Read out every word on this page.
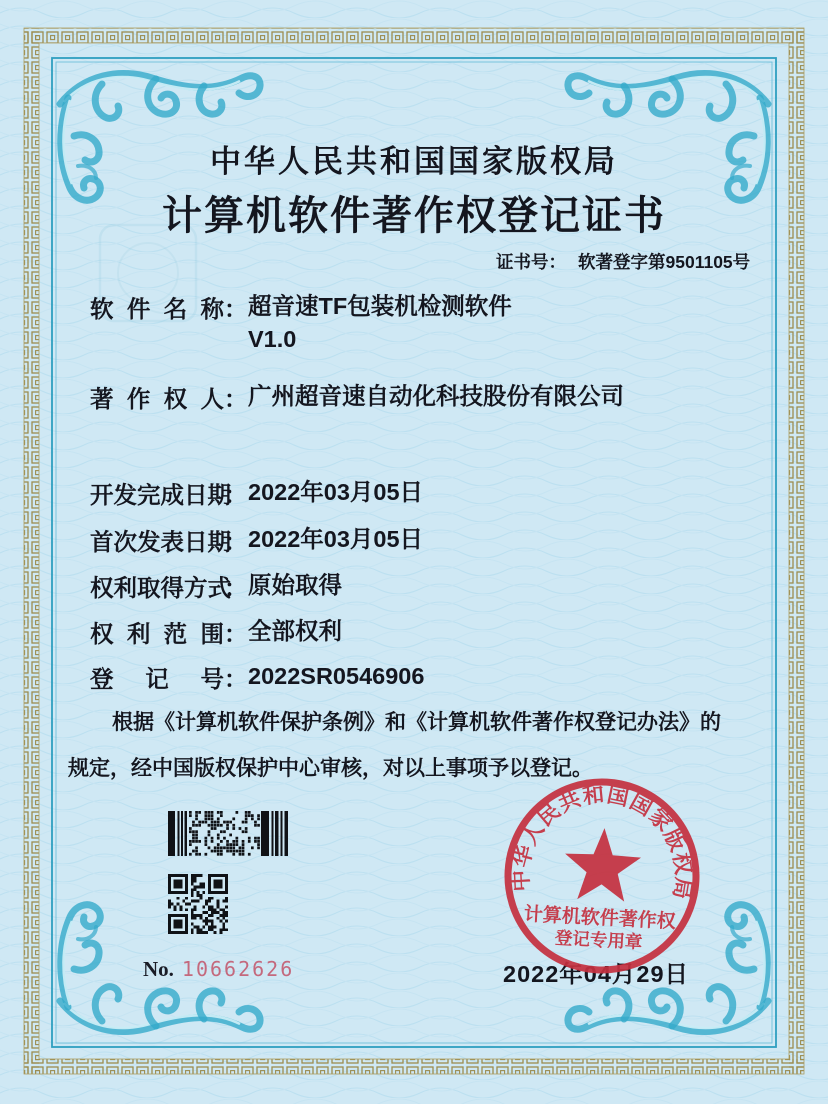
中华人民共和国国家版权局
计算机软件著作权登记证书
证书号： 软著登字第9501105号
软件名称： 超音速TF包装机检测软件
V1.0
著作权人：广州超音速自动化科技股份有限公司
开发完成日期：2022年03月05日
首次发表日期：2022年03月05日
权利取得方式：原始取得
权利范围：全部权利
登记号：2022SR0546906
根据《计算机软件保护条例》和《计算机软件著作权登记办法》的
规定，经中国版权保护中心审核，对以上事项予以登记。
No. 10662626	2022年04月29日
中华人民共和国国家版权局
计算机软件著作权
登记专用章
